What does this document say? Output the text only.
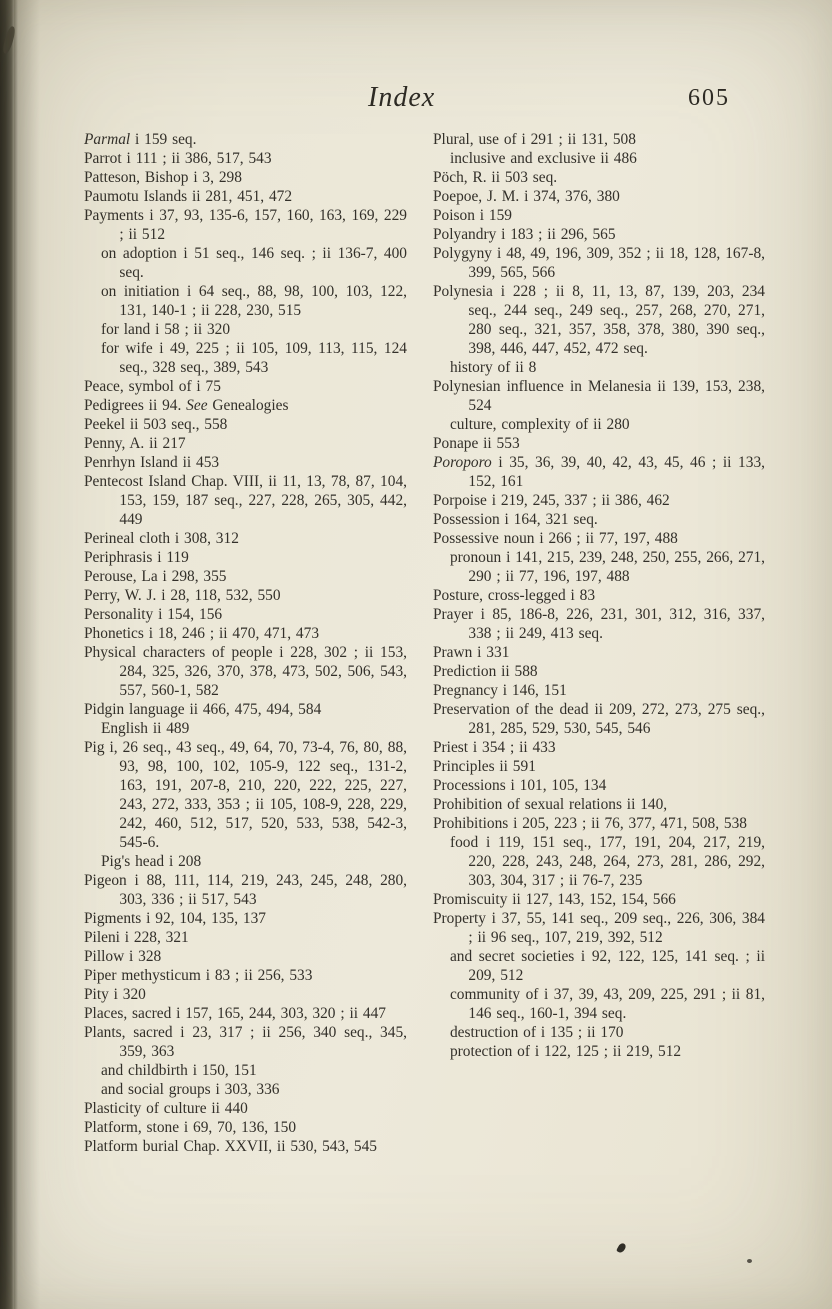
Index	605
Parmal i 159 seq.
Parrot i 111 ; ii 386, 517, 543
Patteson, Bishop i 3, 298
Paumotu Islands ii 281, 451, 472
Payments i 37, 93, 135-6, 157, 160, 163, 169, 229 ; ii 512
on adoption i 51 seq., 146 seq. ; ii 136-7, 400 seq.
on initiation i 64 seq., 88, 98, 100, 103, 122, 131, 140-1 ; ii 228, 230, 515
for land i 58 ; ii 320
for wife i 49, 225 ; ii 105, 109, 113, 115, 124 seq., 328 seq., 389, 543
Peace, symbol of i 75
Pedigrees ii 94. See Genealogies
Peekel ii 503 seq., 558
Penny, A. ii 217
Penrhyn Island ii 453
Pentecost Island Chap. VIII, ii 11, 13, 78, 87, 104, 153, 159, 187 seq., 227, 228, 265, 305, 442, 449
Perineal cloth i 308, 312
Periphrasis i 119
Perouse, La i 298, 355
Perry, W. J. i 28, 118, 532, 550
Personality i 154, 156
Phonetics i 18, 246 ; ii 470, 471, 473
Physical characters of people i 228, 302 ; ii 153, 284, 325, 326, 370, 378, 473, 502, 506, 543, 557, 560-1, 582
Pidgin language ii 466, 475, 494, 584
English ii 489
Pig i, 26 seq., 43 seq., 49, 64, 70, 73-4, 76, 80, 88, 93, 98, 100, 102, 105-9, 122 seq., 131-2, 163, 191, 207-8, 210, 220, 222, 225, 227, 243, 272, 333, 353 ; ii 105, 108-9, 228, 229, 242, 460, 512, 517, 520, 533, 538, 542-3, 545-6.
Pig's head i 208
Pigeon i 88, 111, 114, 219, 243, 245, 248, 280, 303, 336 ; ii 517, 543
Pigments i 92, 104, 135, 137
Pileni i 228, 321
Pillow i 328
Piper methysticum i 83 ; ii 256, 533
Pity i 320
Places, sacred i 157, 165, 244, 303, 320 ; ii 447
Plants, sacred i 23, 317 ; ii 256, 340 seq., 345, 359, 363
and childbirth i 150, 151
and social groups i 303, 336
Plasticity of culture ii 440
Platform, stone i 69, 70, 136, 150
Platform burial Chap. XXVII, ii 530, 543, 545
Plural, use of i 291 ; ii 131, 508
inclusive and exclusive ii 486
Pöch, R. ii 503 seq.
Poepoe, J. M. i 374, 376, 380
Poison i 159
Polyandry i 183 ; ii 296, 565
Polygyny i 48, 49, 196, 309, 352 ; ii 18, 128, 167-8, 399, 565, 566
Polynesia i 228 ; ii 8, 11, 13, 87, 139, 203, 234 seq., 244 seq., 249 seq., 257, 268, 270, 271, 280 seq., 321, 357, 358, 378, 380, 390 seq., 398, 446, 447, 452, 472 seq.
history of ii 8
Polynesian influence in Melanesia ii 139, 153, 238, 524
culture, complexity of ii 280
Ponape ii 553
Poroporo i 35, 36, 39, 40, 42, 43, 45, 46 ; ii 133, 152, 161
Porpoise i 219, 245, 337 ; ii 386, 462
Possession i 164, 321 seq.
Possessive noun i 266 ; ii 77, 197, 488
pronoun i 141, 215, 239, 248, 250, 255, 266, 271, 290 ; ii 77, 196, 197, 488
Posture, cross-legged i 83
Prayer i 85, 186-8, 226, 231, 301, 312, 316, 337, 338 ; ii 249, 413 seq.
Prawn i 331
Prediction ii 588
Pregnancy i 146, 151
Preservation of the dead ii 209, 272, 273, 275 seq., 281, 285, 529, 530, 545, 546
Priest i 354 ; ii 433
Principles ii 591
Processions i 101, 105, 134
Prohibition of sexual relations ii 140,
Prohibitions i 205, 223 ; ii 76, 377, 471, 508, 538
food i 119, 151 seq., 177, 191, 204, 217, 219, 220, 228, 243, 248, 264, 273, 281, 286, 292, 303, 304, 317 ; ii 76-7, 235
Promiscuity ii 127, 143, 152, 154, 566
Property i 37, 55, 141 seq., 209 seq., 226, 306, 384 ; ii 96 seq., 107, 219, 392, 512
and secret societies i 92, 122, 125, 141 seq. ; ii 209, 512
community of i 37, 39, 43, 209, 225, 291 ; ii 81, 146 seq., 160-1, 394 seq.
destruction of i 135 ; ii 170
protection of i 122, 125 ; ii 219, 512
